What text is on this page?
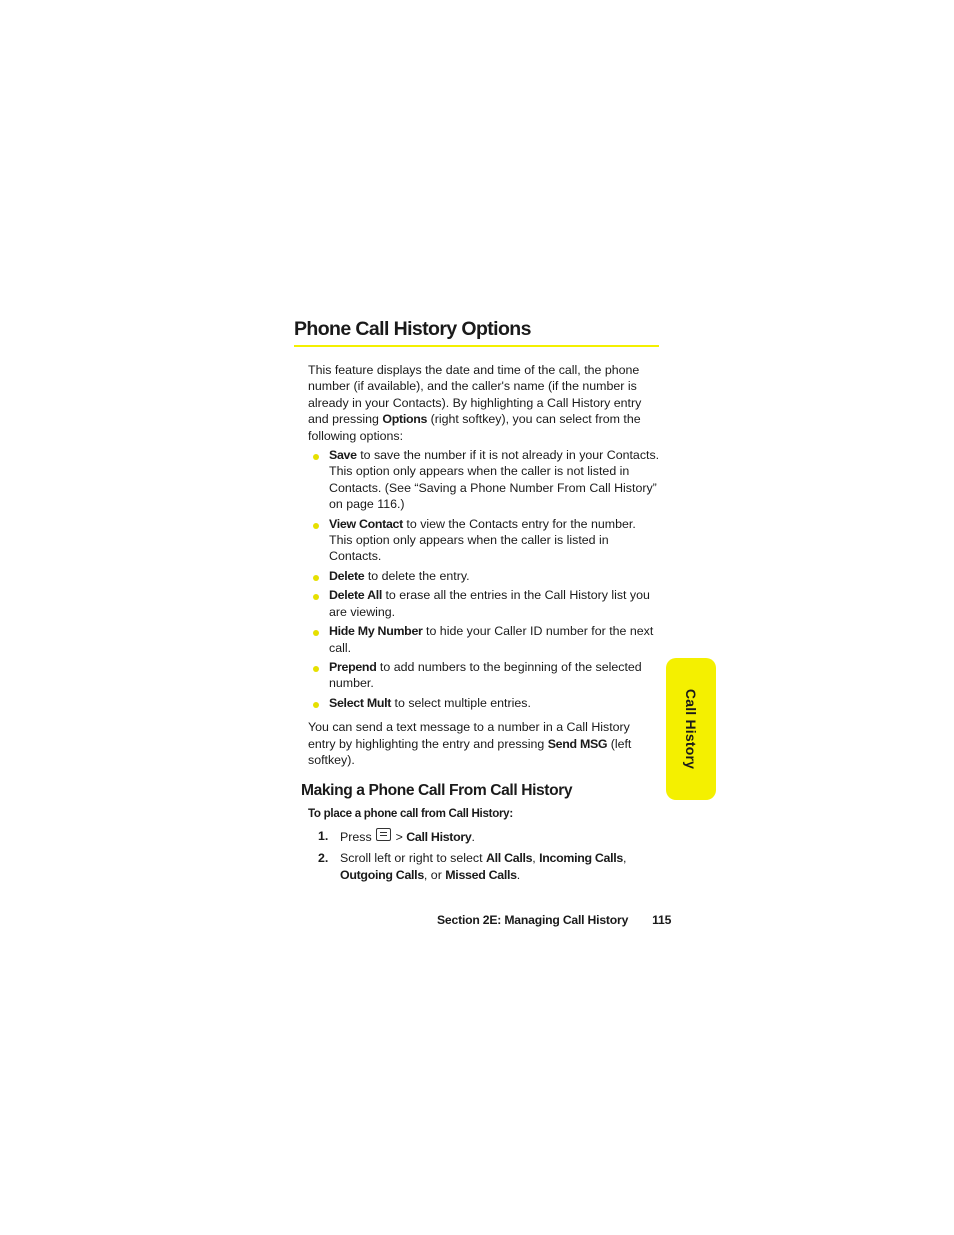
Phone Call History Options

This feature displays the date and time of the call, the phone number (if available), and the caller's name (if the number is already in your Contacts). By highlighting a Call History entry and pressing Options (right softkey), you can select from the following options:

Save to save the number if it is not already in your Contacts. This option only appears when the caller is not listed in Contacts. (See “Saving a Phone Number From Call History” on page 116.)
View Contact to view the Contacts entry for the number. This option only appears when the caller is listed in Contacts.
Delete to delete the entry.
Delete All to erase all the entries in the Call History list you are viewing.
Hide My Number to hide your Caller ID number for the next call.
Prepend to add numbers to the beginning of the selected number.
Select Mult to select multiple entries.

You can send a text message to a number in a Call History entry by highlighting the entry and pressing Send MSG (left softkey).

Making a Phone Call From Call History

To place a phone call from Call History:

1. Press
> Call History.
2. Scroll left or right to select All Calls, Incoming Calls, Outgoing Calls, or Missed Calls.
Section 2E: Managing Call History 115
Call History
